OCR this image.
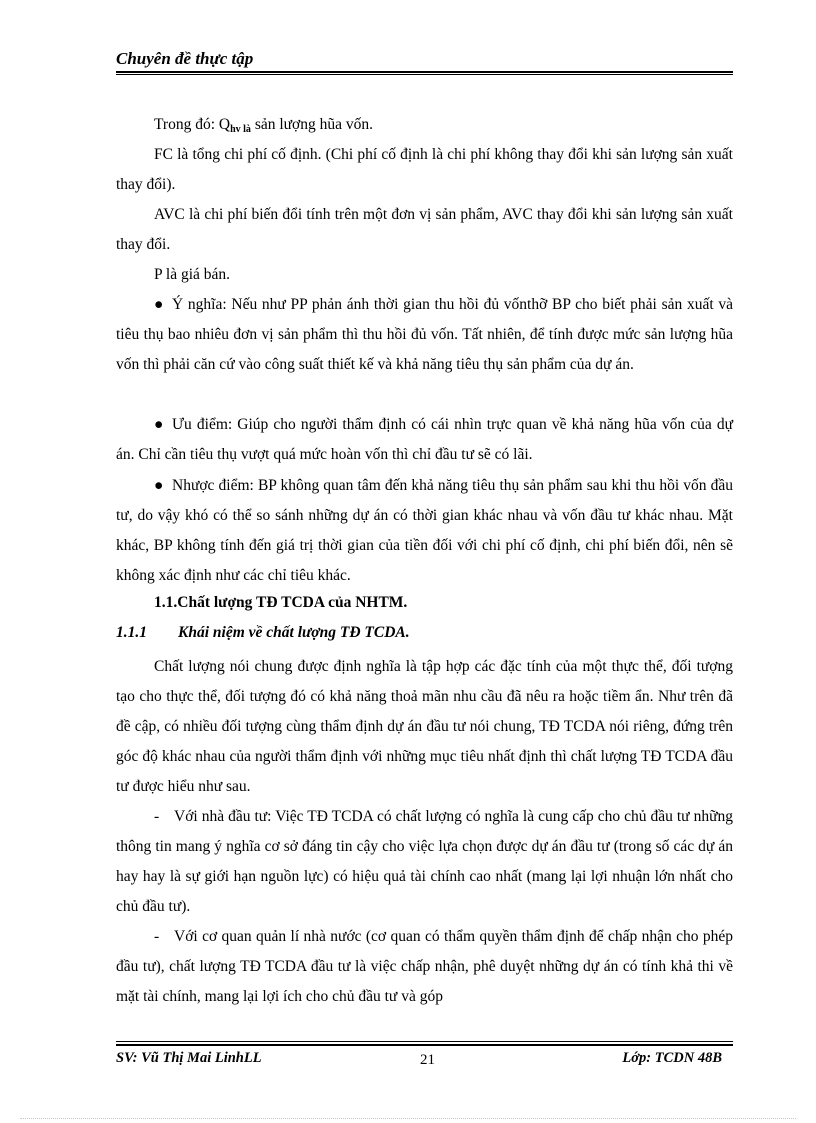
Chuyên đề thực tập

Trong đó: Qhv là sản lượng hũa vốn.

FC là tổng chi phí cố định. (Chi phí cố định là chi phí không thay đổi khi sản lượng sản xuất thay đổi).

AVC là chi phí biến đổi tính trên một đơn vị sản phẩm, AVC thay đổi khi sản lượng sản xuất thay đổi.

P là giá bán.

● Ý nghĩa: Nếu như PP phản ánh thời gian thu hồi đủ vốnthỡ BP cho biết phải sản xuất và tiêu thụ bao nhiêu đơn vị sản phẩm thì thu hồi đủ vốn. Tất nhiên, để tính được mức sản lượng hũa vốn thì phải căn cứ vào công suất thiết kế và khả năng tiêu thụ sản phẩm của dự án.

● Ưu điểm: Giúp cho người thẩm định có cái nhìn trực quan về khả năng hũa vốn của dự án. Chỉ cần tiêu thụ vượt quá mức hoàn vốn thì chỉ đầu tư sẽ có lãi.

● Nhược điểm: BP không quan tâm đến khả năng tiêu thụ sản phẩm sau khi thu hồi vốn đầu tư, do vậy khó có thể so sánh những dự án có thời gian khác nhau và vốn đầu tư khác nhau. Mặt khác, BP không tính đến giá trị thời gian của tiền đối với chi phí cố định, chi phí biến đổi, nên sẽ không xác định như các chỉ tiêu khác.

1.1.Chất lượng TĐ TCDA của NHTM.
1.1.1 Khái niệm về chất lượng TĐ TCDA.

Chất lượng nói chung được định nghĩa là tập hợp các đặc tính của một thực thể, đối tượng tạo cho thực thể, đối tượng đó có khả năng thoả mãn nhu cầu đã nêu ra hoặc tiềm ẩn. Như trên đã đề cập, có nhiều đối tượng cùng thẩm định dự án đầu tư nói chung, TĐ TCDA nói riêng, đứng trên góc độ khác nhau của người thẩm định với những mục tiêu nhất định thì chất lượng TĐ TCDA đầu tư được hiểu như sau.

- Với nhà đầu tư: Việc TĐ TCDA có chất lượng có nghĩa là cung cấp cho chủ đầu tư những thông tin mang ý nghĩa cơ sở đáng tin cậy cho việc lựa chọn được dự án đầu tư (trong số các dự án hay hay là sự giới hạn nguồn lực) có hiệu quả tài chính cao nhất (mang lại lợi nhuận lớn nhất cho chủ đầu tư).

- Với cơ quan quản lí nhà nước (cơ quan có thẩm quyền thẩm định để chấp nhận cho phép đầu tư), chất lượng TĐ TCDA đầu tư là việc chấp nhận, phê duyệt những dự án có tính khả thi về mặt tài chính, mang lại lợi ích cho chủ đầu tư và góp

SV: Vũ Thị Mai LinhLL	21	Lớp: TCDN 48B
